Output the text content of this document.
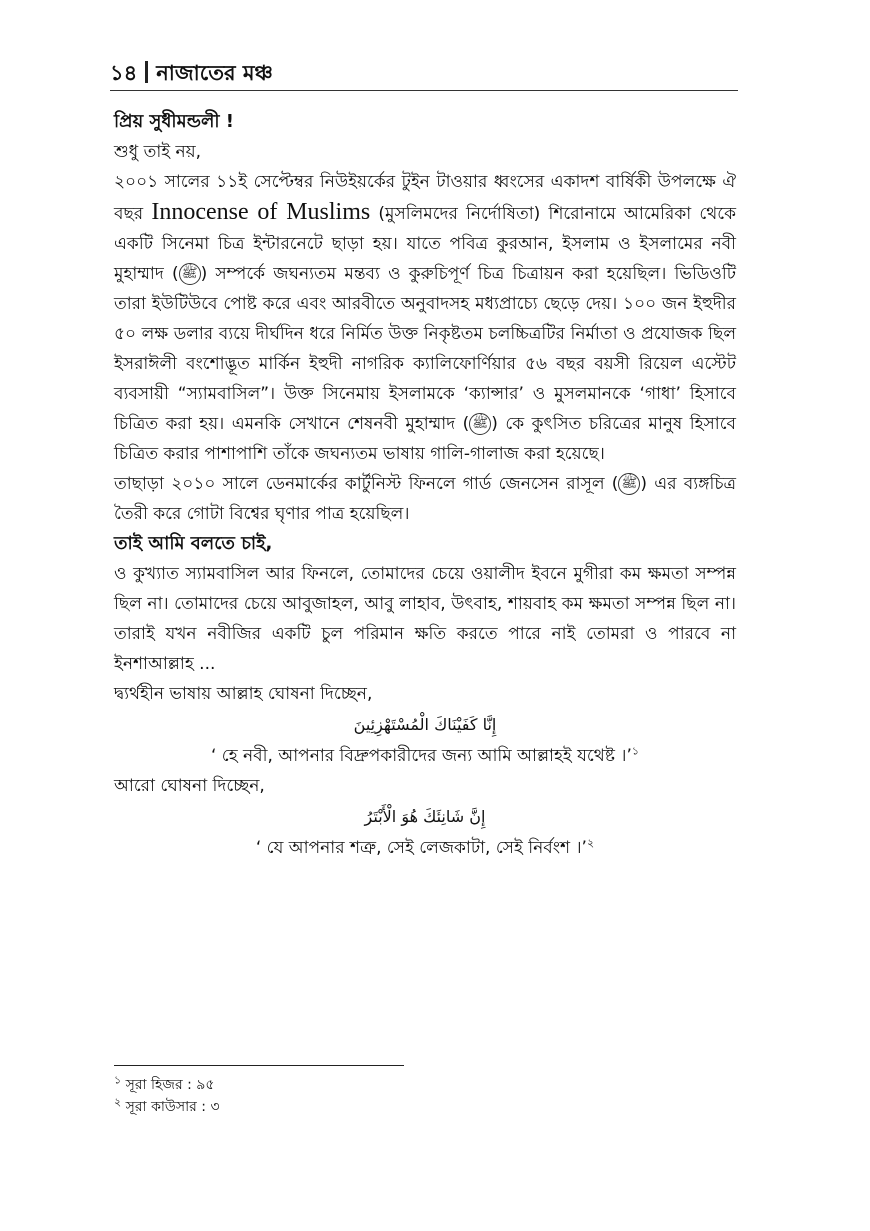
১৪ নাজাতের মঞ্চ

প্রিয় সুধীমন্ডলী !

শুধু তাই নয়,

২০০১ সালের ১১ই সেপ্টেম্বর নিউইয়র্কের টুইন টাওয়ার ধ্বংসের একাদশ বার্ষিকী উপলক্ষে ঐ বছর Innocense of Muslims (মুসলিমদের নির্দোষিতা) শিরোনামে আমেরিকা থেকে একটি সিনেমা চিত্র ইন্টারনেটে ছাড়া হয়। যাতে পবিত্র কুরআন, ইসলাম ও ইসলামের নবী মুহাম্মাদ ( ﷺ ) সম্পর্কে জঘন্যতম মন্তব্য ও কুরুচিপূর্ণ চিত্র চিত্রায়ন করা হয়েছিল। ভিডিওটি তারা ইউটিউবে পোষ্ট করে এবং আরবীতে অনুবাদসহ মধ্যপ্রাচ্যে ছেড়ে দেয়। ১০০ জন ইহুদীর ৫০ লক্ষ ডলার ব্যয়ে দীর্ঘদিন ধরে নির্মিত উক্ত নিকৃষ্টতম চলচ্চিত্রটির নির্মাতা ও প্রযোজক ছিল ইসরাঈলী বংশোদ্ভূত মার্কিন ইহুদী নাগরিক ক্যালিফোর্ণিয়ার ৫৬ বছর বয়সী রিয়েল এস্টেট ব্যবসায়ী “স্যামবাসিল”। উক্ত সিনেমায় ইসলামকে ‘ক্যান্সার’ ও মুসলমানকে ‘গাধা’ হিসাবে চিত্রিত করা হয়। এমনকি সেখানে শেষনবী মুহাম্মাদ ( ﷺ ) কে কুৎসিত চরিত্রের মানুষ হিসাবে চিত্রিত করার পাশাপাশি তাঁকে জঘন্যতম ভাষায় গালি-গালাজ করা হয়েছে।

তাছাড়া ২০১০ সালে ডেনমার্কের কার্টুনিস্ট ফিনলে গার্ড জেনসেন রাসূল ( ﷺ ) এর ব্যঙ্গচিত্র তৈরী করে গোটা বিশ্বের ঘৃণার পাত্র হয়েছিল।

তাই আমি বলতে চাই,

ও কুখ্যাত স্যামবাসিল আর ফিনলে, তোমাদের চেয়ে ওয়ালীদ ইবনে মুগীরা কম ক্ষমতা সম্পন্ন ছিল না। তোমাদের চেয়ে আবুজাহল, আবু লাহাব, উৎবাহ, শায়বাহ কম ক্ষমতা সম্পন্ন ছিল না। তারাই যখন নবীজির একটি চুল পরিমান ক্ষতি করতে পারে নাই তোমরা ও পারবে না ইনশাআল্লাহ ...

দ্ব্যর্থহীন ভাষায় আল্লাহ ঘোষনা দিচ্ছেন,

إِنَّا كَفَيْنَاكَ الْمُسْتَهْزِئِينَ

‘ হে নবী, আপনার বিদ্রুপকারীদের জন্য আমি আল্লাহই যথেষ্ট ।’$^১$

আরো ঘোষনা দিচ্ছেন,

إِنَّ شَانِئَكَ هُوَ الْأَبْتَرُ

‘ যে আপনার শত্রু, সেই লেজকাটা, সেই নির্বংশ ।’$^২$

$^১$ সূরা হিজর : ৯৫

$^২$ সূরা কাউসার : ৩
